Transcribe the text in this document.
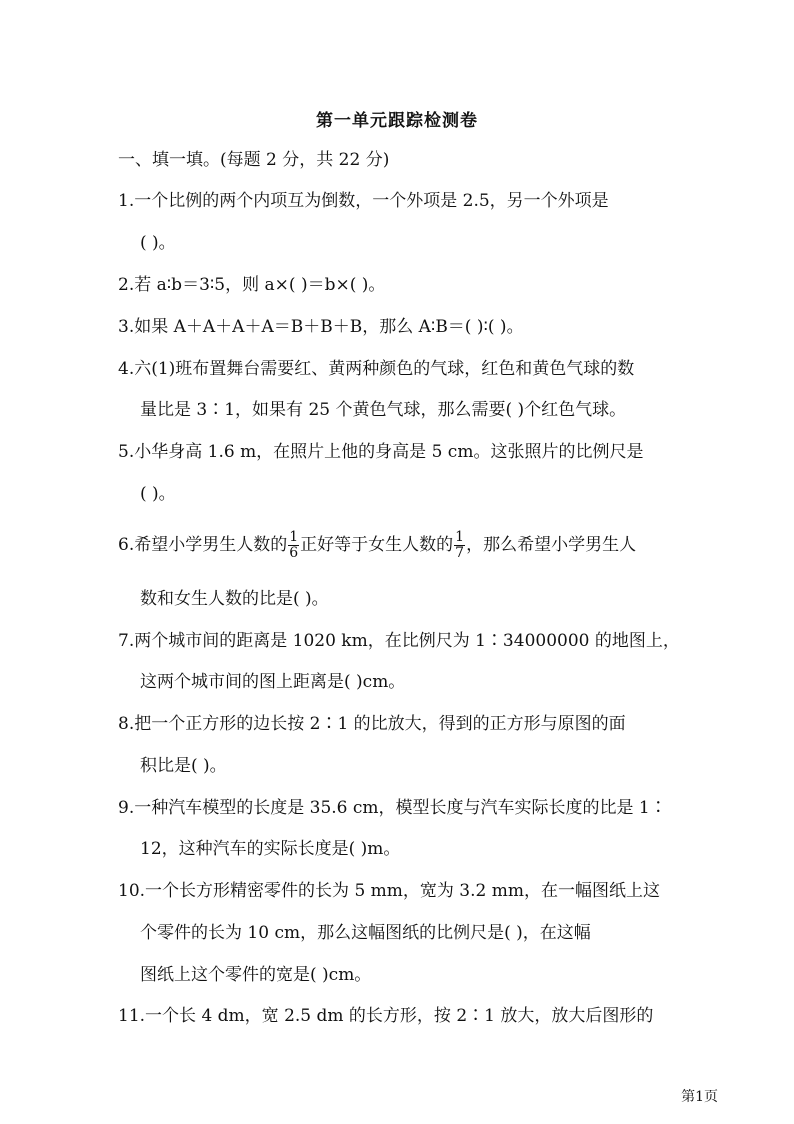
第一单元跟踪检测卷
一、填一填。(每题 2 分，共 22 分)
1.一个比例的两个内项互为倒数，一个外项是 2.5，另一个外项是
( )。
2.若 a∶b＝3∶5，则 a×( )＝b×( )。
3.如果 A＋A＋A＋A＝B＋B＋B，那么 A∶B＝( )∶( )。
4.六(1)班布置舞台需要红、黄两种颜色的气球，红色和黄色气球的数
量比是 3∶1，如果有 25 个黄色气球，那么需要( )个红色气球。
5.小华身高 1.6 m，在照片上他的身高是 5 cm。这张照片的比例尺是
( )。
6.希望小学男生人数的 $\frac{1}{6}$ 正好等于女生人数的 $\frac{1}{7}$ ，那么希望小学男生人
数和女生人数的比是( )。
7.两个城市间的距离是 1020 km，在比例尺为 1∶34000000 的地图上，
这两个城市间的图上距离是( )cm。
8.把一个正方形的边长按 2∶1 的比放大，得到的正方形与原图的面
积比是( )。
9.一种汽车模型的长度是 35.6 cm，模型长度与汽车实际长度的比是 1∶
12，这种汽车的实际长度是( )m。
10.一个长方形精密零件的长为 5 mm，宽为 3.2 mm，在一幅图纸上这
个零件的长为 10 cm，那么这幅图纸的比例尺是( )，在这幅
图纸上这个零件的宽是( )cm。
11.一个长 4 dm，宽 2.5 dm 的长方形，按 2∶1 放大，放大后图形的
第1页
